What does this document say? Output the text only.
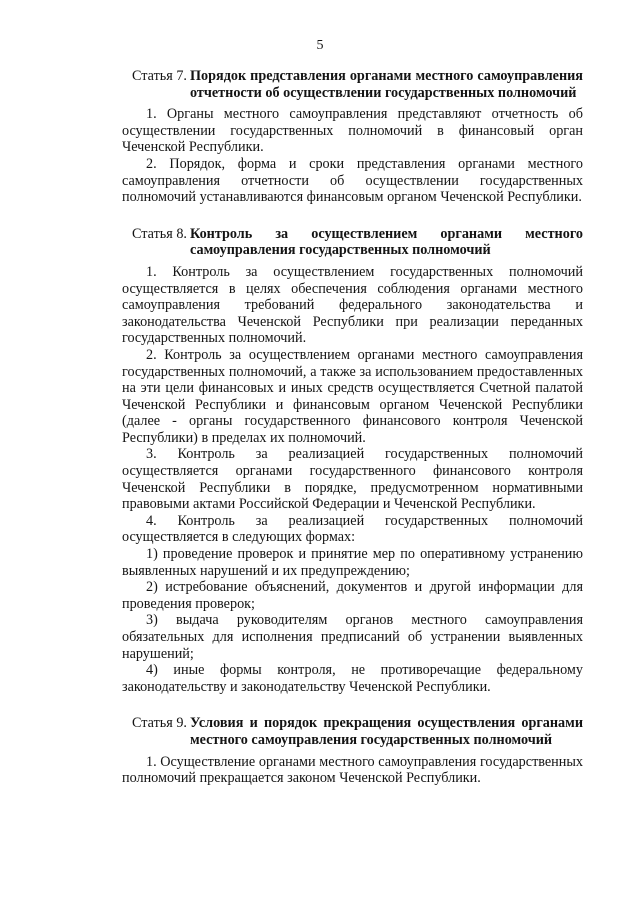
5
Статья 7. Порядок представления органами местного самоуправления отчетности об осуществлении государственных полномочий

1. Органы местного самоуправления представляют отчетность об осуществлении государственных полномочий в финансовый орган Чеченской Республики.

2. Порядок, форма и сроки представления органами местного самоуправления отчетности об осуществлении государственных полномочий устанавливаются финансовым органом Чеченской Республики.

Статья 8. Контроль за осуществлением органами местного самоуправления государственных полномочий

1. Контроль за осуществлением государственных полномочий осуществляется в целях обеспечения соблюдения органами местного самоуправления требований федерального законодательства и законодательства Чеченской Республики при реализации переданных государственных полномочий.

2. Контроль за осуществлением органами местного самоуправления государственных полномочий, а также за использованием предоставленных на эти цели финансовых и иных средств осуществляется Счетной палатой Чеченской Республики и финансовым органом Чеченской Республики (далее - органы государственного финансового контроля Чеченской Республики) в пределах их полномочий.

3. Контроль за реализацией государственных полномочий осуществляется органами государственного финансового контроля Чеченской Республики в порядке, предусмотренном нормативными правовыми актами Российской Федерации и Чеченской Республики.

4. Контроль за реализацией государственных полномочий осуществляется в следующих формах:

1) проведение проверок и принятие мер по оперативному устранению выявленных нарушений и их предупреждению;

2) истребование объяснений, документов и другой информации для проведения проверок;

3) выдача руководителям органов местного самоуправления обязательных для исполнения предписаний об устранении выявленных нарушений;

4) иные формы контроля, не противоречащие федеральному законодательству и законодательству Чеченской Республики.

Статья 9. Условия и порядок прекращения осуществления органами местного самоуправления государственных полномочий

1. Осуществление органами местного самоуправления государственных полномочий прекращается законом Чеченской Республики.
